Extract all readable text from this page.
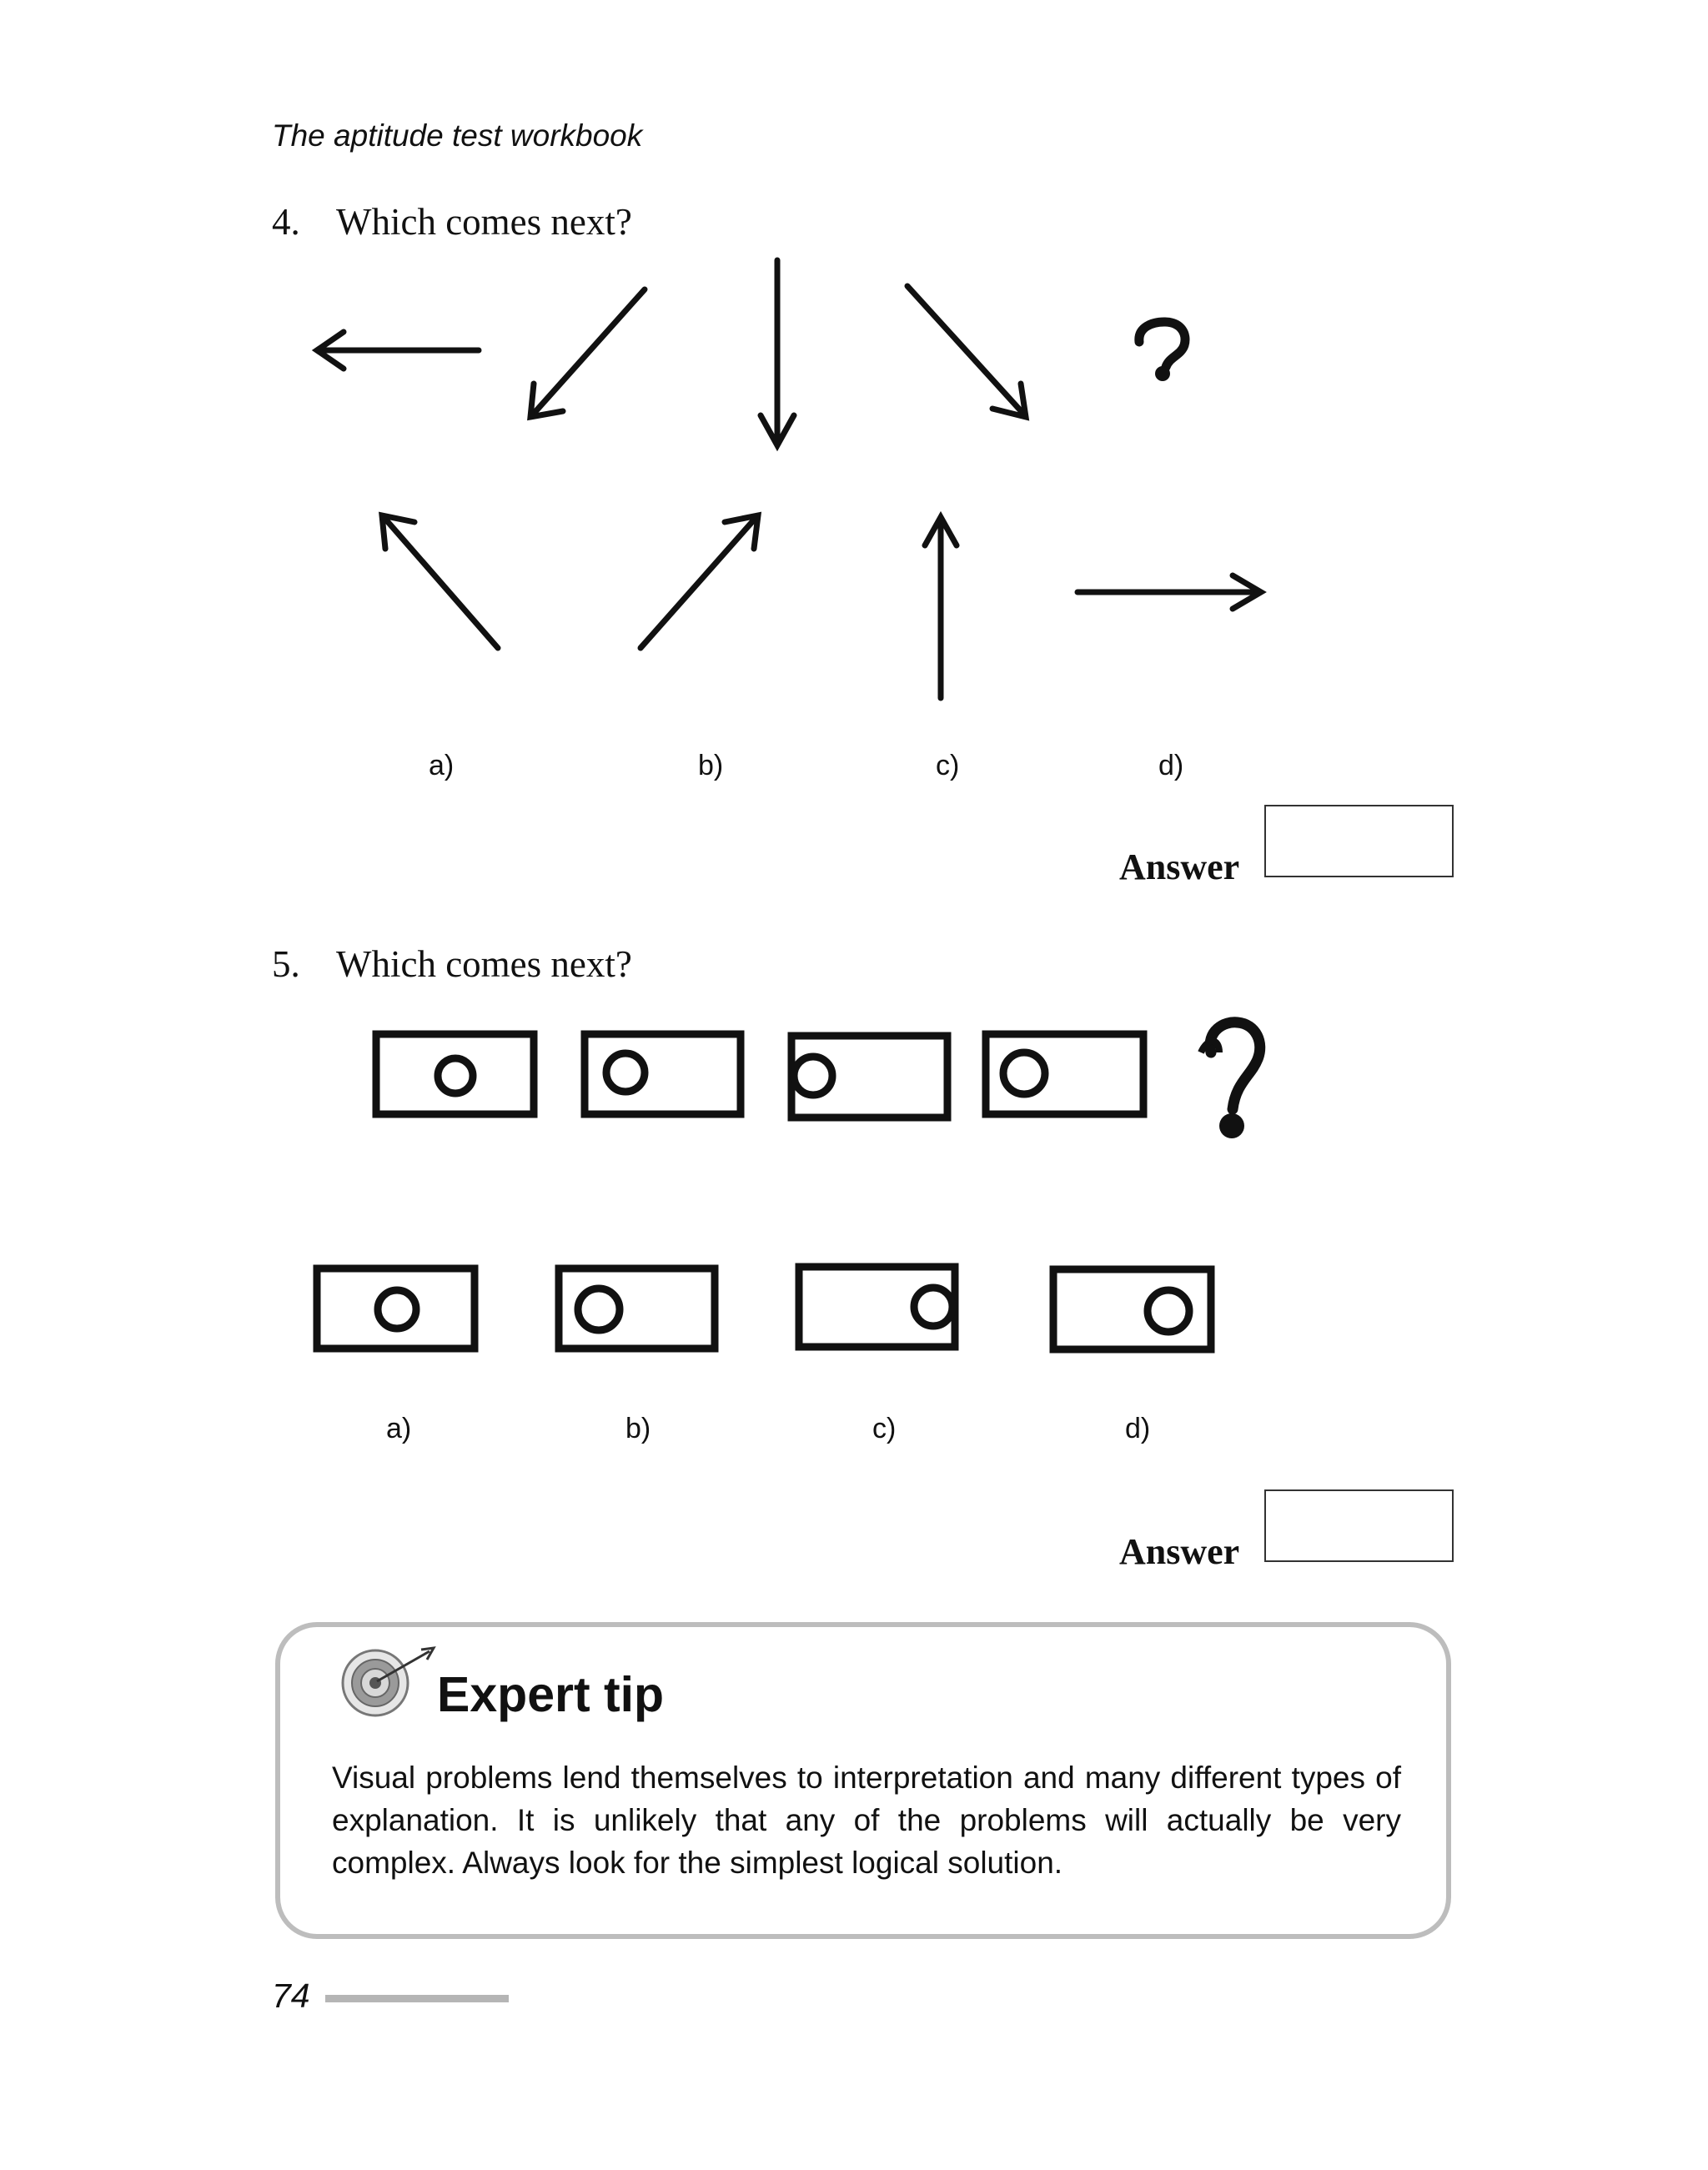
The aptitude test workbook
4. Which comes next?
a)	b)	c)	d)
Answer
5. Which comes next?
a)	b)	c)	d)
Answer
Expert tip
Visual problems lend themselves to interpretation and many different types of explanation. It is unlikely that any of the problems will actually be very complex. Always look for the simplest logical solution.
74
